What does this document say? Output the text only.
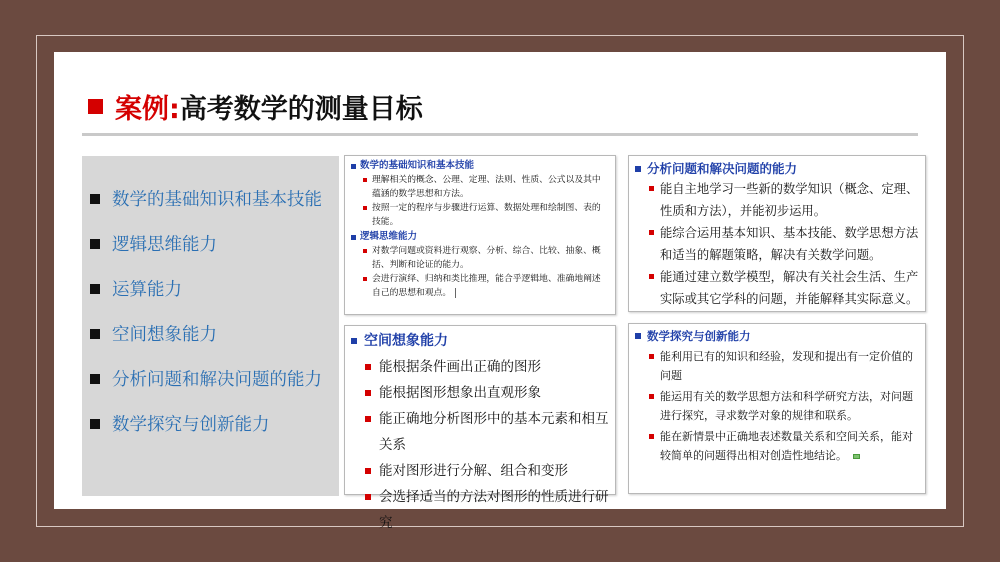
案例: 高考数学的测量目标
数学的基础知识和基本技能
逻辑思维能力
运算能力
空间想象能力
分析问题和解决问题的能力
数学探究与创新能力
数学的基础知识和基本技能
理解相关的概念、公理、定理、法则、性质、公式以及其中蕴涵的数学思想和方法。
按照一定的程序与步骤进行运算、数据处理和绘制图、表的技能。
逻辑思维能力
对数学问题或资料进行观察、分析、综合、比较、抽象、概括、判断和论证的能力。
会进行演绎、归纳和类比推理，能合乎逻辑地、准确地阐述自己的思想和观点。
分析问题和解决问题的能力
能自主地学习一些新的数学知识（概念、定理、性质和方法），并能初步运用。
能综合运用基本知识、基本技能、数学思想方法和适当的解题策略，解决有关数学问题。
能通过建立数学模型，解决有关社会生活、生产实际或其它学科的问题，并能解释其实际意义。
空间想象能力
能根据条件画出正确的图形
能根据图形想象出直观形象
能正确地分析图形中的基本元素和相互关系
能对图形进行分解、组合和变形
会选择适当的方法对图形的性质进行研究
数学探究与创新能力
能利用已有的知识和经验，发现和提出有一定价值的问题
能运用有关的数学思想方法和科学研究方法，对问题进行探究，寻求数学对象的规律和联系。
能在新情景中正确地表述数量关系和空间关系，能对较简单的问题得出相对创造性地结论。
